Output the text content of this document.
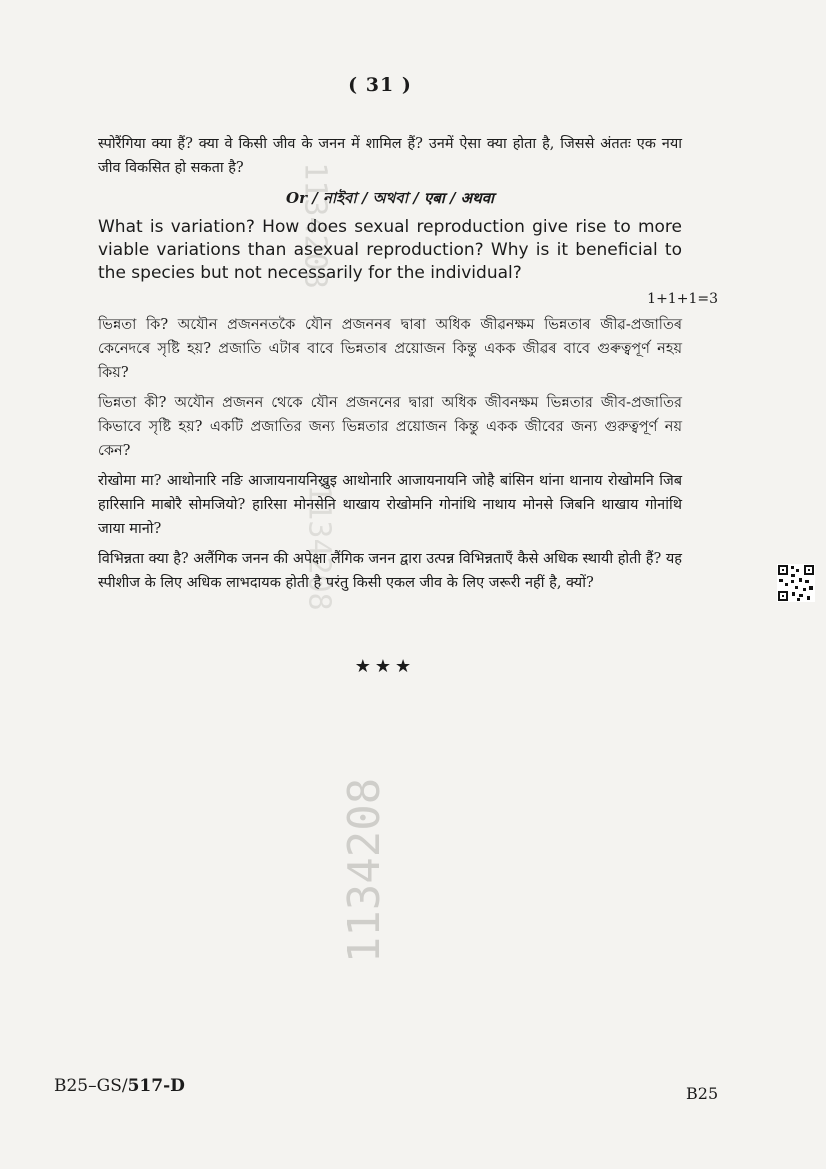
( 31 )
1134208
1134208
1134208

स्पोरैंगिया क्या हैं? क्या वे किसी जीव के जनन में शामिल हैं? उनमें ऐसा क्या होता है, जिससे अंततः एक नया जीव विकसित हो सकता है?

Or / নাইবা / অথবা / एबा / अथवा

What is variation? How does sexual reproduction give rise to more viable variations than asexual reproduction? Why is it beneficial to the species but not necessarily for the individual?

1+1+1=3

ভিন্নতা কি? অযৌন প্ৰজননতকৈ যৌন প্ৰজননৰ দ্বাৰা অধিক জীৱনক্ষম ভিন্নতাৰ জীৱ-প্ৰজাতিৰ কেনেদৰে সৃষ্টি হয়? প্ৰজাতি এটাৰ বাবে ভিন্নতাৰ প্ৰয়োজন কিন্তু একক জীৱৰ বাবে গুৰুত্বপূৰ্ণ নহয় কিয়?

ভিন্নতা কী? অযৌন প্রজনন থেকে যৌন প্রজননের দ্বারা অধিক জীবনক্ষম ভিন্নতার জীব-প্রজাতির কিভাবে সৃষ্টি হয়? একটি প্রজাতির জন্য ভিন্নতার প্রয়োজন কিন্তু একক জীবের জন্য গুরুত্বপূর্ণ নয় কেন?

रोखोमा मा? आथोनारि नङि आजायनायनिख्रुइ आथोनारि आजायनायनि जोहै बांसिन थांना थानाय रोखोमनि जिब हारिसानि माबोरै सोमजियो? हारिसा मोनसेनि थाखाय रोखोमनि गोनांथि नाथाय मोनसे जिबनि थाखाय गोनांथि जाया मानो?

विभिन्नता क्या है? अलैंगिक जनन की अपेक्षा लैंगिक जनन द्वारा उत्पन्न विभिन्नताएँ कैसे अधिक स्थायी होती हैं? यह स्पीशीज के लिए अधिक लाभदायक होती है परंतु किसी एकल जीव के लिए जरूरी नहीं है, क्यों?

★★★
B25–GS/517-D	B25
